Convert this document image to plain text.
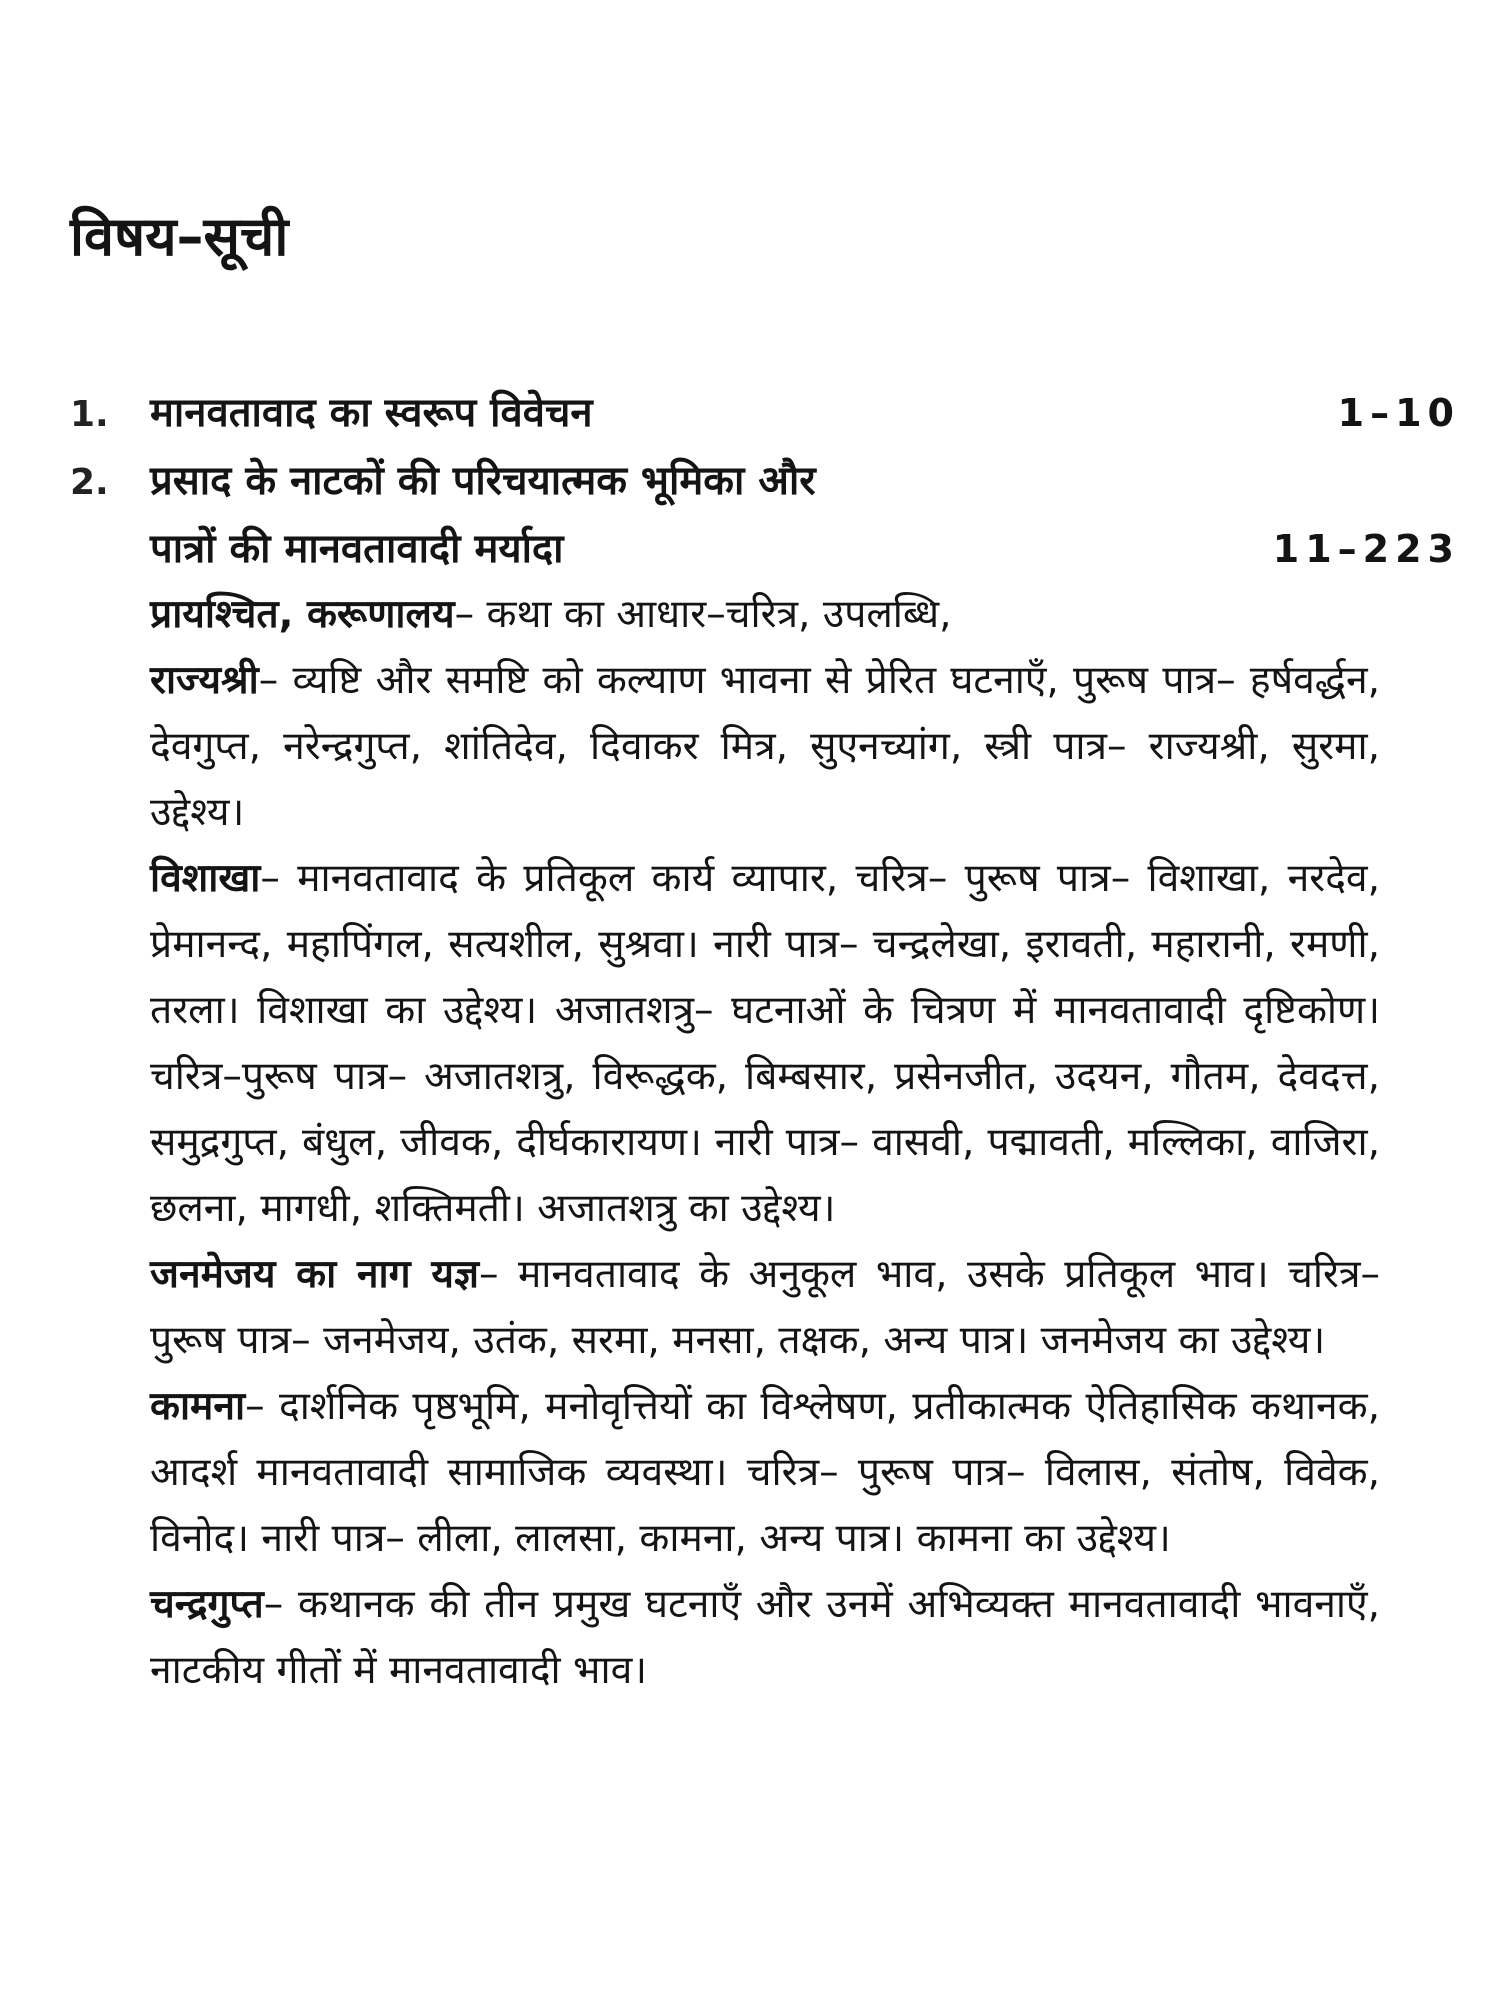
विषय–सूची
1.	मानवतावाद का स्वरूप विवेचन	1–10
2.	प्रसाद के नाटकों की परिचयात्मक भूमिका और
पात्रों की मानवतावादी मर्यादा	11–223

प्रायश्चित, करूणालय– कथा का आधार–चरित्र, उपलब्धि,

राज्यश्री– व्यष्टि और समष्टि को कल्याण भावना से प्रेरित घटनाएँ, पुरूष पात्र– हर्षवर्द्धन, देवगुप्त, नरेन्द्रगुप्त, शांतिदेव, दिवाकर मित्र, सुएनच्यांग, स्त्री पात्र– राज्यश्री, सुरमा, उद्देश्य।

विशाखा– मानवतावाद के प्रतिकूल कार्य व्यापार, चरित्र– पुरूष पात्र– विशाखा, नरदेव, प्रेमानन्द, महापिंगल, सत्यशील, सुश्रवा। नारी पात्र– चन्द्रलेखा, इरावती, महारानी, रमणी, तरला। विशाखा का उद्देश्य। अजातशत्रु– घटनाओं के चित्रण में मानवतावादी दृष्टिकोण। चरित्र–पुरूष पात्र– अजातशत्रु, विरूद्धक, बिम्बसार, प्रसेनजीत, उदयन, गौतम, देवदत्त, समुद्रगुप्त, बंधुल, जीवक, दीर्घकारायण। नारी पात्र– वासवी, पद्मावती, मल्लिका, वाजिरा, छलना, मागधी, शक्तिमती। अजातशत्रु का उद्देश्य।

जनमेजय का नाग यज्ञ– मानवतावाद के अनुकूल भाव, उसके प्रतिकूल भाव। चरित्र– पुरूष पात्र– जनमेजय, उतंक, सरमा, मनसा, तक्षक, अन्य पात्र। जनमेजय का उद्देश्य।

कामना– दार्शनिक पृष्ठभूमि, मनोवृत्तियों का विश्लेषण, प्रतीकात्मक ऐतिहासिक कथानक, आदर्श मानवतावादी सामाजिक व्यवस्था। चरित्र– पुरूष पात्र– विलास, संतोष, विवेक, विनोद। नारी पात्र– लीला, लालसा, कामना, अन्य पात्र। कामना का उद्देश्य।

चन्द्रगुप्त– कथानक की तीन प्रमुख घटनाएँ और उनमें अभिव्यक्त मानवतावादी भावनाएँ, नाटकीय गीतों में मानवतावादी भाव।
